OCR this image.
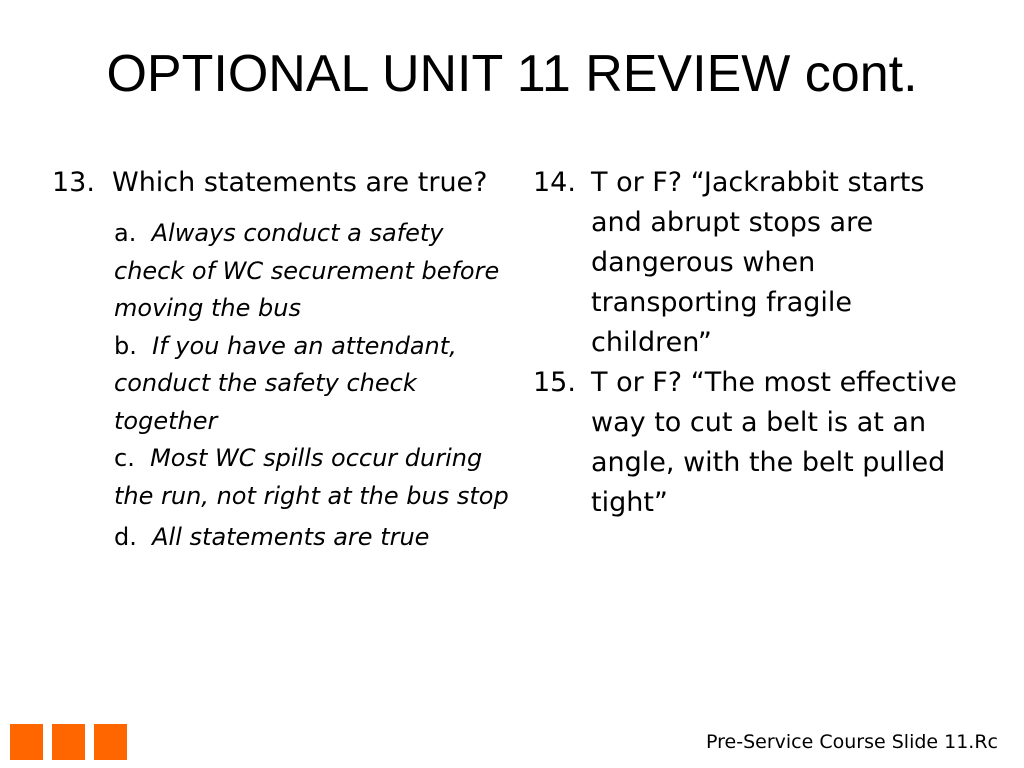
OPTIONAL UNIT 11 REVIEW cont.
13. Which statements are true?
a. Always conduct a safety check of WC securement before moving the bus
b. If you have an attendant, conduct the safety check together
c. Most WC spills occur during the run, not right at the bus stop
d. All statements are true
14. T or F? “Jackrabbit starts and abrupt stops are dangerous when transporting fragile children”
15. T or F? “The most effective way to cut a belt is at an angle, with the belt pulled tight”
Pre-Service Course Slide 11.Rc
